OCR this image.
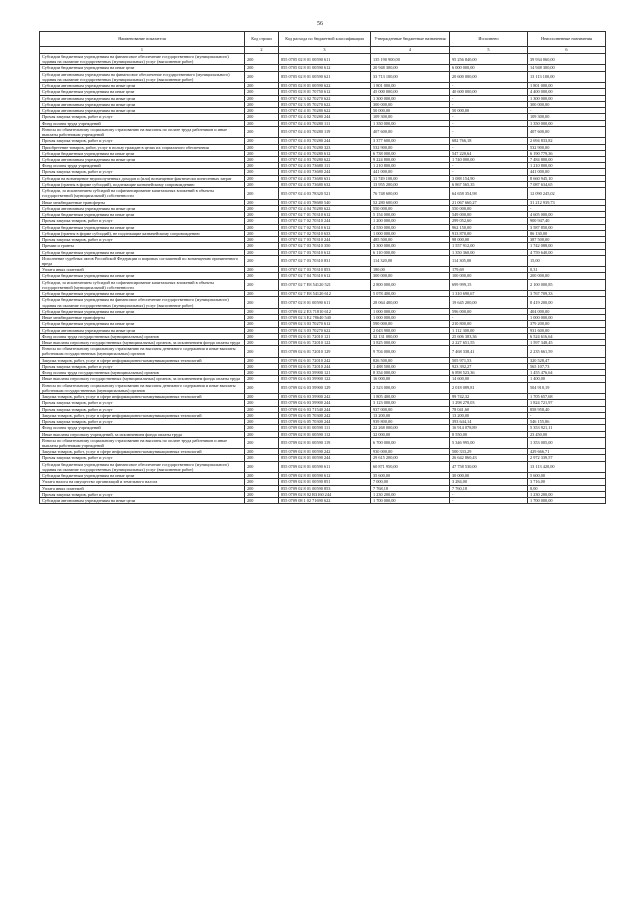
56
Наименование показателя	Код строки	Код расхода по бюджетной классификации	Утвержденные бюджетные назначения	Исполнено	Неисполненные назначения
1	2	3	4	5	6
Субсидии бюджетным учреждениям на финансовое обеспечение государственного (муниципального) задания на оказание государственных (муниципальных) услуг (выполнение работ)	200	855 0705 02 8 01 00590 611	135 190 900,00	95 256 840,00	39 934 060,00
Субсидии бюджетным учреждениям на иные цели	200	855 0705 02 8 01 00590 612	20 948 300,00	6 000 000,00	14 948 300,00
Субсидии автономным учреждениям на финансовое обеспечение государственного (муниципального) задания на оказание государственных (муниципальных) услуг (выполнение работ)	200	855 0705 02 8 01 00590 621	33 713 100,00	20 600 000,00	13 113 100,00
Субсидии автономным учреждениям на иные цели	200	855 0705 02 8 01 00590 622	1 801 000,00	-	1 801 000,00
Субсидии бюджетным учреждениям на иные цели	200	855 0705 02 8 01 70750 612	45 000 000,00	40 600 000,00	4 400 000,00
Субсидии автономным учреждениям на иные цели	200	855 0707 02 3 02 70270 622	1 300 000,00	-	1 300 000,00
Субсидии автономным учреждениям на иные цели	200	855 0707 02 3 05 70270 622	300 000,00	-	300 000,00
Субсидии автономным учреждениям на иные цели	200	855 0707 02 4 01 70280 622	50 000,00	50 000,00	-
Прочая закупка товаров, работ и услуг	200	855 0707 02 4 02 70280 244	109 300,00	-	109 300,00
Фонд оплаты труда учреждений	200	855 0707 02 4 03 70280 111	1 350 000,00	-	1 350 000,00
Взносы по обязательному социальному страхованию на выплаты по оплате труда работников и иные выплаты работникам учреждений	200	855 0707 02 4 03 70280 119	407 600,00	-	407 600,00
Прочая закупка товаров, работ и услуг	200	855 0707 02 4 03 70280 244	3 377 600,00	682 766,18	2 694 833,82
Приобретение товаров, работ, услуг в пользу граждан в целях их социального обеспечения	200	855 0707 02 4 03 70280 323	532 900,00	-	532 900,00
Субсидии бюджетным учреждениям на иные цели	200	855 0707 02 4 03 70280 612	6 738 000,00	547 220,64	6 190 779,36
Субсидии автономным учреждениям на иные цели	200	855 0707 02 4 03 70280 622	9 224 800,00	1 740 000,00	7 484 800,00
Фонд оплаты труда учреждений	200	855 0707 02 4 03 73680 111	1 210 800,00	-	1 210 800,00
Прочая закупка товаров, работ и услуг	200	855 0707 02 4 03 73680 244	441 000,00	-	441 000,00
Субсидии на возмещение недополученных доходов и (или) возмещение фактически понесенных затрат	200	855 0707 02 4 03 73680 631	11 749 100,00	3 088 154,90	8 660 945,10
Субсидии (гранты в форме субсидий), подлежащие казначейскому сопровождению	200	855 0707 02 4 03 73680 632	13 955 200,00	6 867 565,35	7 087 634,65
Субсидии, за исключением субсидий на софинансирование капитальных вложений в объекты государственной (муниципальной) собственности	200	855 0707 02 4 03 78320 521	76 748 600,00	64 658 354,98	12 090 245,02
Иные межбюджетные трансферты	200	855 0707 02 4 03 78680 540	52 280 600,00	21 067 660,27	31 212 939,73
Субсидии автономным учреждениям на иные цели	200	855 0707 02 4 04 70280 622	550 000,00	550 000,00	-
Субсидии бюджетным учреждениям на иные цели	200	855 0707 02 7 01 70310 612	5 154 000,00	549 000,00	4 605 000,00
Прочая закупка товаров, работ и услуг	200	855 0707 02 7 02 70310 244	1 200 000,00	299 052,60	900 947,40
Субсидии бюджетным учреждениям на иные цели	200	855 0707 02 7 02 70310 612	4 550 000,00	962 150,00	3 587 850,00
Субсидии (гранты в форме субсидий), не подлежащие казначейскому сопровождению	200	855 0707 02 7 02 70310 633	1 000 000,00	913 870,00	86 130,00
Прочая закупка товаров, работ и услуг	200	855 0707 02 7 03 70310 244	485 500,00	98 000,00	387 500,00
Премии и гранты	200	855 0707 02 7 03 70310 350	3 300 000,00	1 557 912,00	1 742 088,00
Субсидии бюджетным учреждениям на иные цели	200	855 0707 02 7 03 70310 612	6 110 000,00	1 350 360,00	4 759 640,00
Исполнение судебных актов Российской Федерации и мировых соглашений по возмещению причиненного вреда	200	855 0707 02 7 03 70310 831	114 320,00	114 305,00	15,00
Уплата иных платежей	200	855 0707 02 7 03 70310 853	180,00	179,69	0,31
Субсидии бюджетным учреждениям на иные цели	200	855 0707 02 7 04 70310 612	300 000,00	100 000,00	200 000,00
Субсидии, за исключением субсидий на софинансирование капитальных вложений в объекты государственной (муниципальной) собственности	200	855 0707 02 7 E8 54120 521	2 800 000,00	699 999,15	2 100 000,85
Субсидии бюджетным учреждениям на иные цели	200	855 0707 02 7 E8 54120 612	5 078 400,00	1 310 690,67	3 767 709,33
Субсидии бюджетным учреждениям на финансовое обеспечение государственного (муниципального) задания на оказание государственных (муниципальных) услуг (выполнение работ)	200	855 0707 02 8 01 00590 611	28 064 400,00	19 645 200,00	8 419 200,00
Субсидии бюджетным учреждениям на иные цели	200	855 0709 02 2 E3 71810 612	1 000 000,00	596 000,00	404 000,00
Иные межбюджетные трансферты	200	855 0709 02 3 E2 78640 540	1 000 000,00	-	1 000 000,00
Субсидии бюджетным учреждениям на иные цели	200	855 0709 02 3 03 70270 612	590 000,00	210 800,00	379 200,00
Субсидии автономным учреждениям на иные цели	200	855 0709 02 3 03 70270 622	2 043 900,00	1 112 300,00	931 600,00
Фонд оплаты труда государственных (муниципальных) органов	200	855 0709 02 6 01 72010 121	32 131 000,00	25 606 383,36	6 524 616,64
Иные выплаты персоналу государственных (муниципальных) органов, за исключением фонда оплаты труда	200	855 0709 02 6 01 72010 122	3 825 000,00	2 227 651,55	1 597 348,45
Взносы по обязательному социальному страхованию на выплаты денежного содержания и иные выплаты работникам государственных (муниципальных) органов	200	855 0709 02 6 01 72010 129	9 704 000,00	7 468 338,41	2 235 661,59
Закупка товаров, работ, услуг в сфере информационно-коммуникационных технологий	200	855 0709 02 6 01 72010 242	826 500,00	505 971,53	320 528,47
Прочая закупка товаров, работ и услуг	200	855 0709 02 6 01 72010 244	1 488 500,00	923 392,27	565 107,73
Фонд оплаты труда государственных (муниципальных) органов	200	855 0709 02 6 03 59900 121	8 354 000,00	6 898 523,36	1 455 476,64
Иные выплаты персоналу государственных (муниципальных) органов, за исключением фонда оплаты труда	200	855 0709 02 6 03 59900 122	16 000,00	14 600,00	1 400,00
Взносы по обязательному социальному страхованию на выплаты денежного содержания и иные выплаты работникам государственных (муниципальных) органов	200	855 0709 02 6 03 59900 129	2 523 000,00	2 018 089,81	504 910,19
Закупка товаров, работ, услуг в сфере информационно-коммуникационных технологий	200	855 0709 02 6 03 59900 242	1 805 400,00	99 742,32	1 705 657,68
Прочая закупка товаров, работ и услуг	200	855 0709 02 6 03 59900 244	3 123 000,00	1 298 278,03	1 824 721,97
Прочая закупка товаров, работ и услуг	200	855 0709 02 6 03 71540 244	937 000,00	78 041,60	858 958,40
Закупка товаров, работ, услуг в сфере информационно-коммуникационных технологий	200	855 0709 02 6 05 70300 242	13 200,00	13 200,00	-
Прочая закупка товаров, работ и услуг	200	855 0709 02 6 05 70300 244	939 800,00	393 644,14	546 155,86
Фонд оплаты труда учреждений	200	855 0709 02 8 01 00590 111	22 268 000,00	16 914 078,89	5 353 921,11
Иные выплаты персоналу учреждений, за исключением фонда оплаты труда	200	855 0709 02 8 01 00590 112	32 000,00	8 550,00	23 450,00
Взносы по обязательному социальному страхованию на выплаты по оплате труда работников и иные выплаты работникам учреждений	200	855 0709 02 8 01 00590 119	6 700 000,00	5 346 995,00	1 353 005,00
Закупка товаров, работ, услуг в сфере информационно-коммуникационных технологий	200	855 0709 02 8 01 00590 242	930 000,00	500 333,29	429 666,71
Прочая закупка товаров, работ и услуг	200	855 0709 02 8 01 00590 244	29 615 200,00	26 642 860,43	2 972 339,57
Субсидии бюджетным учреждениям на финансовое обеспечение государственного (муниципального) задания на оказание государственных (муниципальных) услуг (выполнение работ)	200	855 0709 02 8 01 00590 611	60 871 950,00	47 758 530,00	13 113 420,00
Субсидии бюджетным учреждениям на иные цели	200	855 0709 02 8 01 00590 612	35 600,00	30 000,00	5 600,00
Уплата налога на имущество организаций и земельного налога	200	855 0709 02 8 01 00590 851	7 000,00	3 284,00	3 716,00
Уплата иных платежей	200	855 0709 02 8 01 00590 853	7 768,18	7 760,18	8,00
Прочая закупка товаров, работ и услуг	200	855 0709 02 8 02 R3160 244	1 230 200,00	-	1 230 200,00
Субсидии автономным учреждениям на иные цели	200	855 0709 08 1 02 71690 622	1 700 000,00	-	1 700 000,00
